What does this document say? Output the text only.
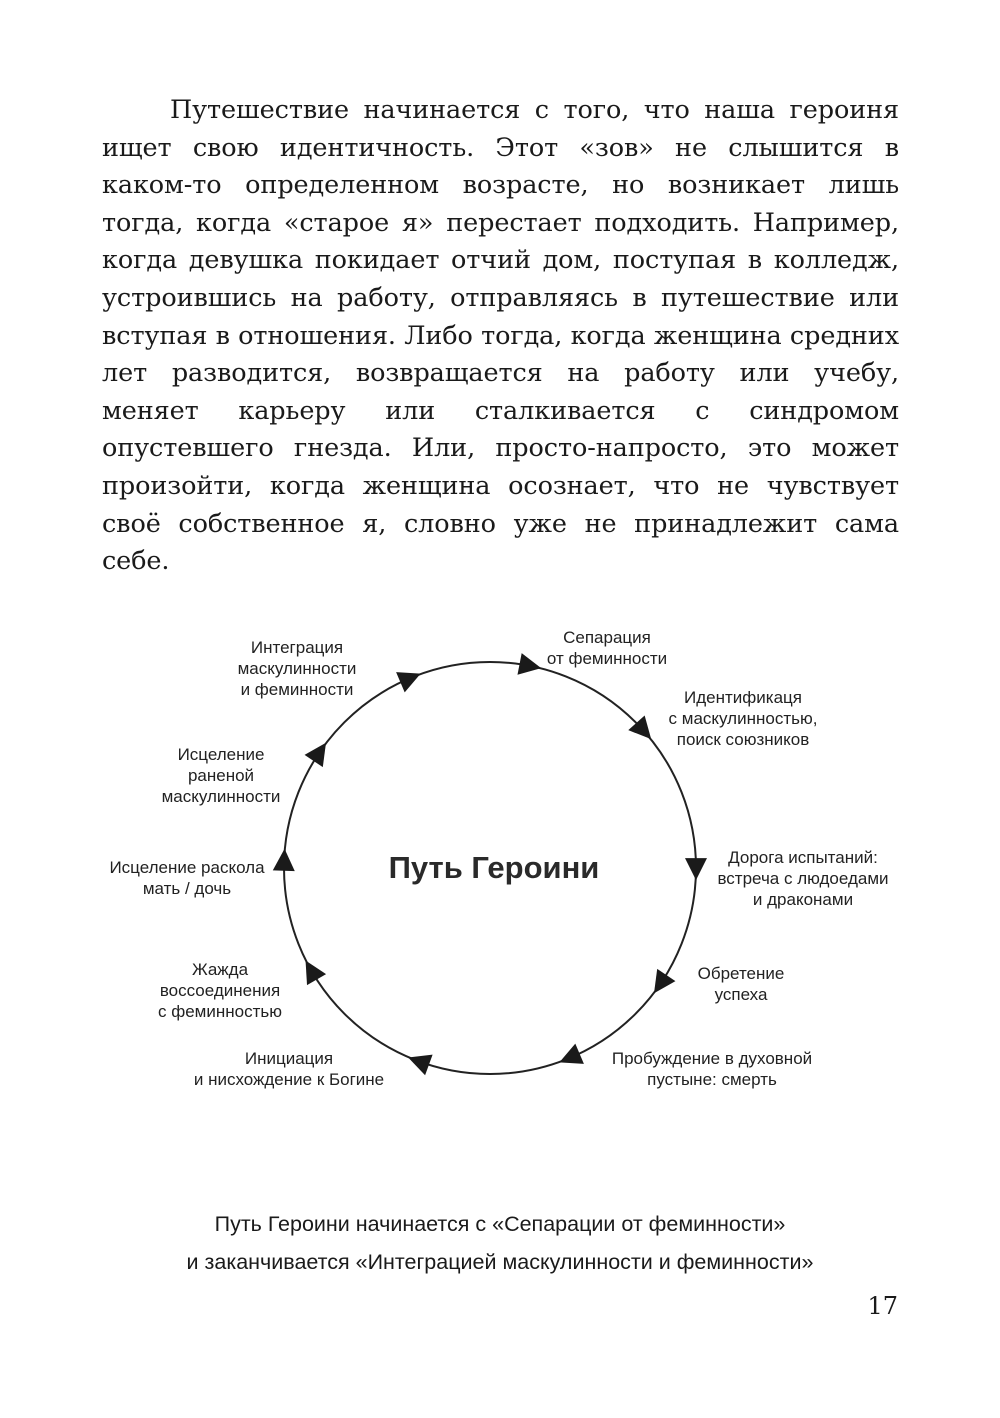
Путешествие начинается с того, что наша героиня ищет свою идентичность. Этот «зов» не слышится в каком-то определенном возрасте, но возникает лишь тогда, когда «старое я» перестает подходить. Например, когда девушка покидает отчий дом, поступая в колледж, устроившись на работу, отправляясь в путешествие или вступая в отношения. Либо тогда, когда женщина средних лет разводится, возвращается на работу или учебу, меняет карьеру или сталкивается с синдромом опустевшего гнезда. Или, просто-напросто, это может произойти, когда женщина осознает, что не чувствует своё собственное я, словно уже не принадлежит сама себе.

Путь Героини
Сепарация от феминности
Идентификаця с маскулинностью, поиск союзников
Дорога испытаний: встреча с людоедами и драконами
Обретение успеха
Пробуждение в духовной пустыне: смерть
Инициация и нисхождение к Богине
Жажда воссоединения с феминностью
Исцеление раскола мать / дочь
Исцеление раненой маскулинности
Интеграция маскулинности и феминности
Путь Героини начинается с «Сепарации от феминности»
и заканчивается «Интеграцией маскулинности и феминности»
17
